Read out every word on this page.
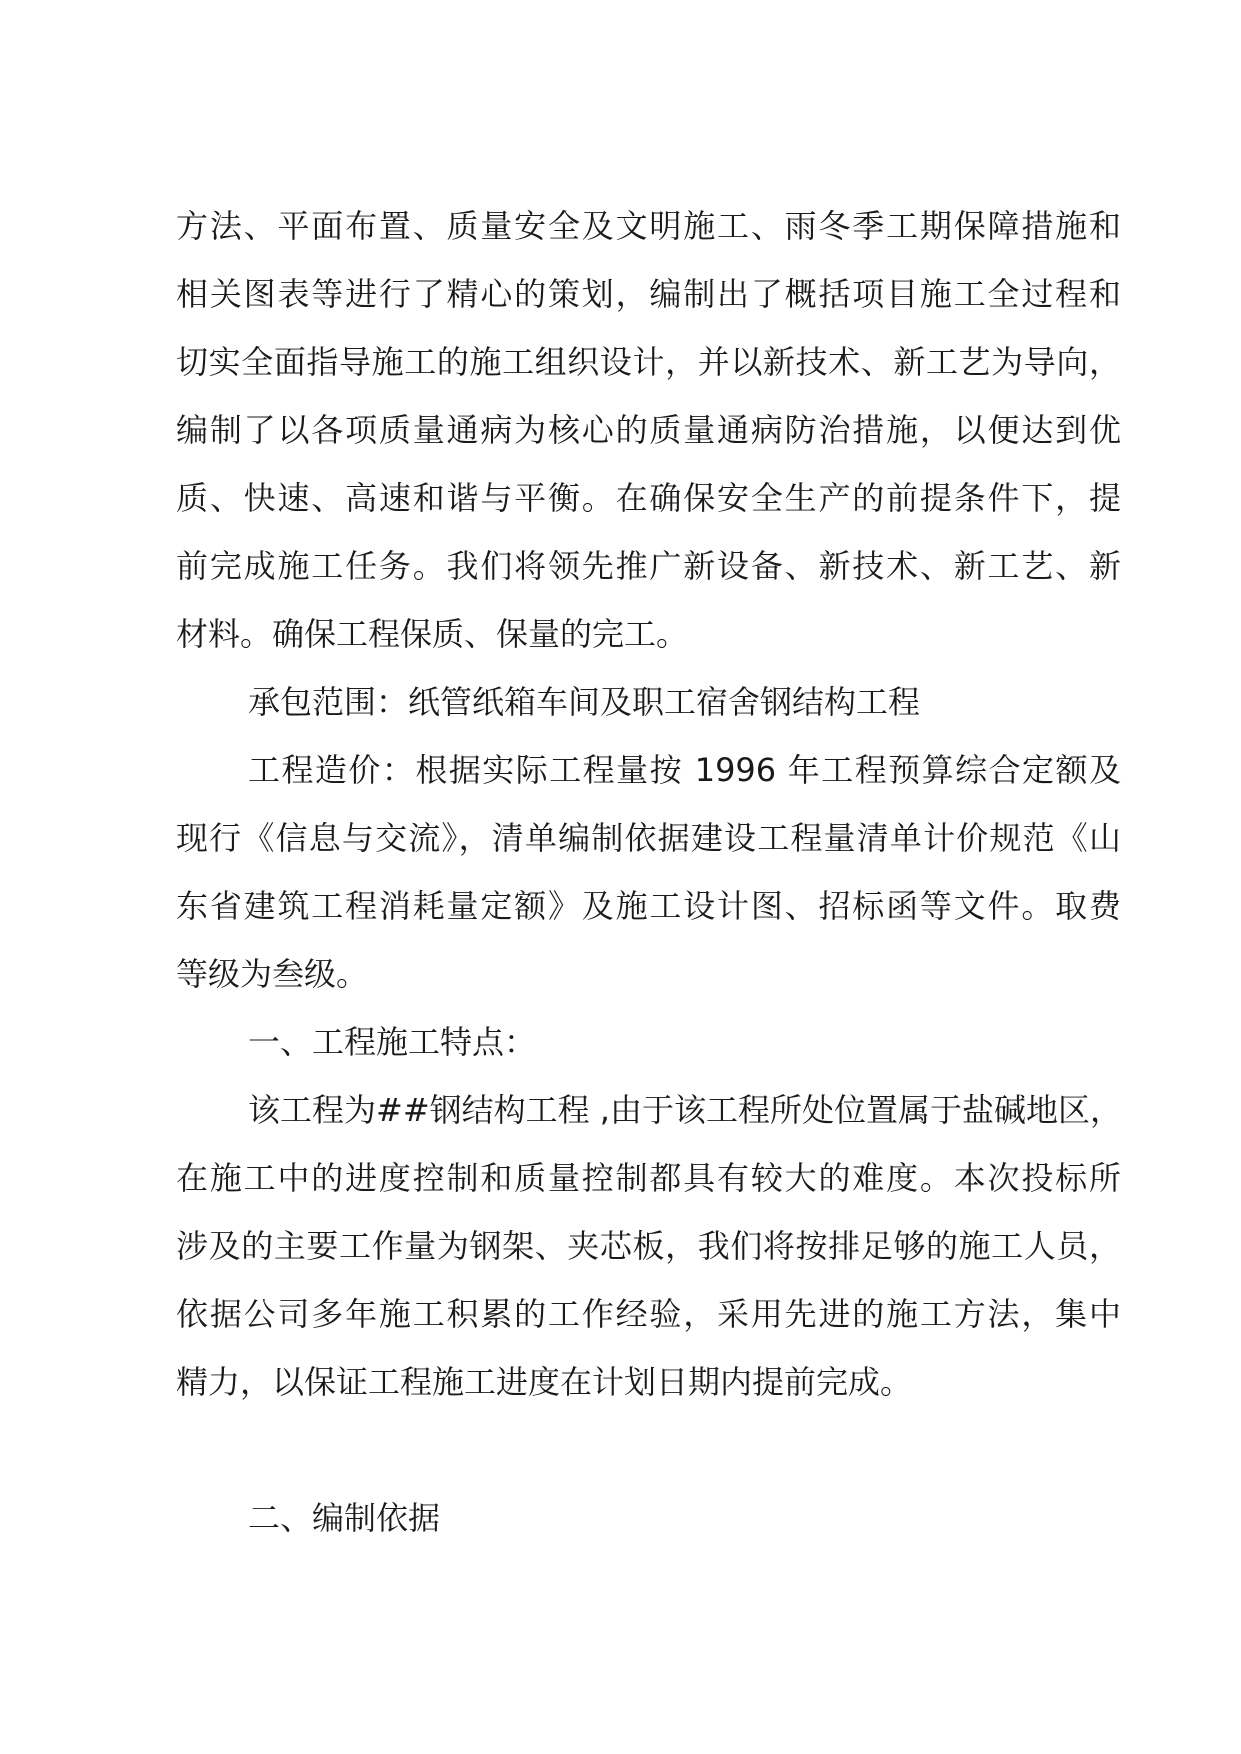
方法、平面布置、质量安全及文明施工、雨冬季工期保障措施和
相关图表等进行了精心的策划，编制出了概括项目施工全过程和
切实全面指导施工的施工组织设计，并以新技术、新工艺为导向，
编制了以各项质量通病为核心的质量通病防治措施，以便达到优
质、快速、高速和谐与平衡。在确保安全生产的前提条件下，提
前完成施工任务。我们将领先推广新设备、新技术、新工艺、新
材料。确保工程保质、保量的完工。
承包范围：纸管纸箱车间及职工宿舍钢结构工程
工程造价：根据实际工程量按 1996 年工程预算综合定额及
现行《信息与交流》，清单编制依据建设工程量清单计价规范《山
东省建筑工程消耗量定额》及施工设计图、招标函等文件。取费
等级为叁级。
一、工程施工特点：
该工程为##钢结构工程 ,由于该工程所处位置属于盐碱地区，
在施工中的进度控制和质量控制都具有较大的难度。本次投标所
涉及的主要工作量为钢架、夹芯板，我们将按排足够的施工人员，
依据公司多年施工积累的工作经验，采用先进的施工方法，集中
精力，以保证工程施工进度在计划日期内提前完成。
二、编制依据
